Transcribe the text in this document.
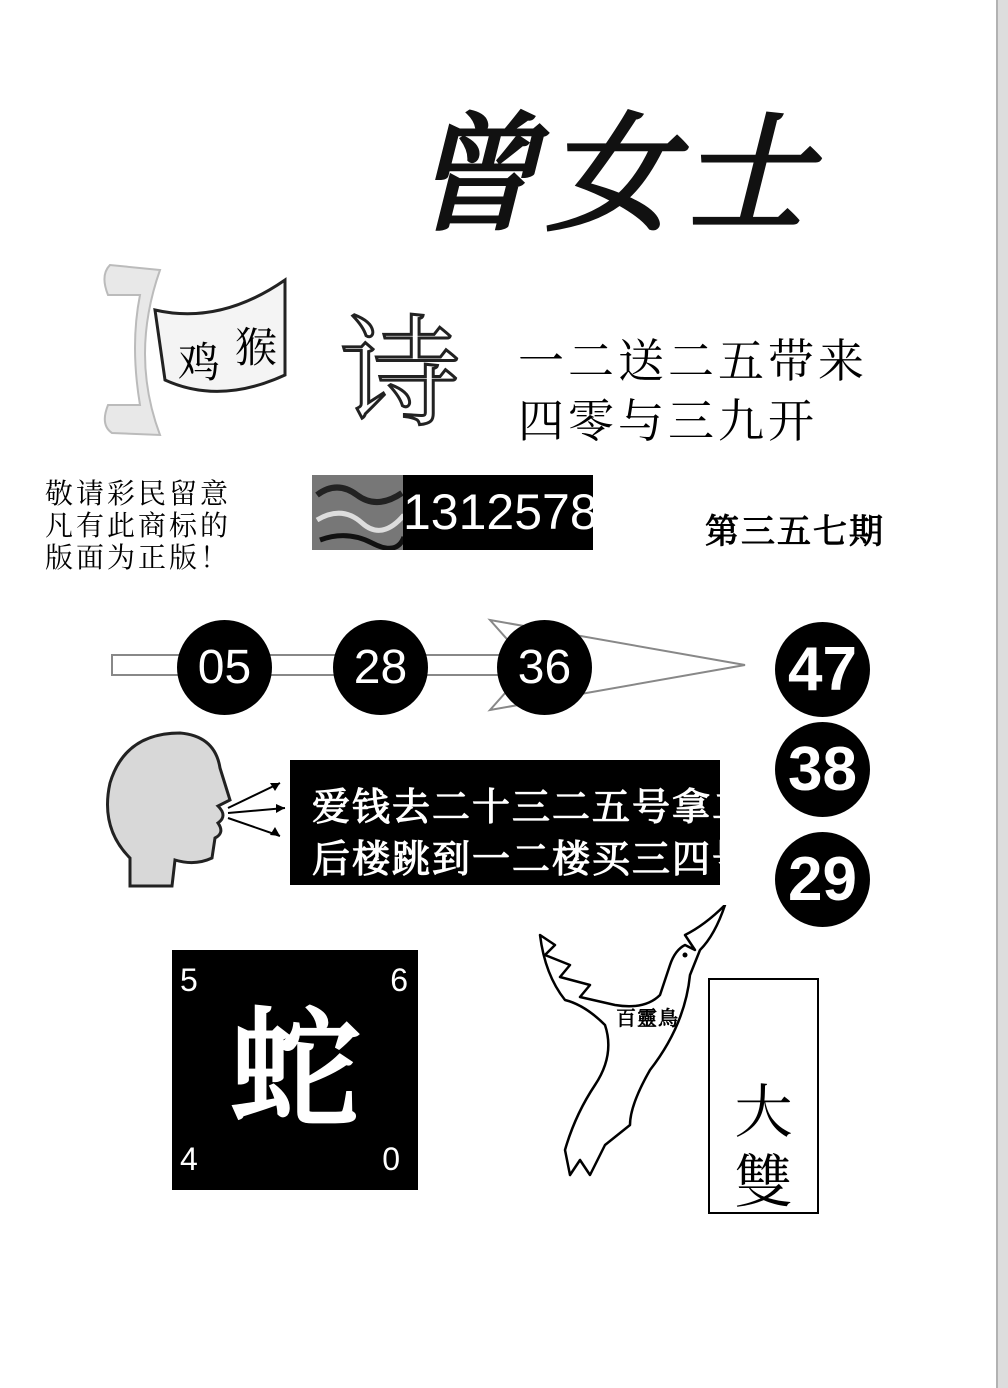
曾女士
鸡 猴 诗 一二送二五带来
四零与三九开
敬请彩民留意
凡有此商标的
版面为正版！
1312578	第三五七期
05	28	36	47
38
29
爱钱去二十三二五号拿二
后楼跳到一二楼买三四号
5	6
蛇
4	0
百靈鳥
大
雙
